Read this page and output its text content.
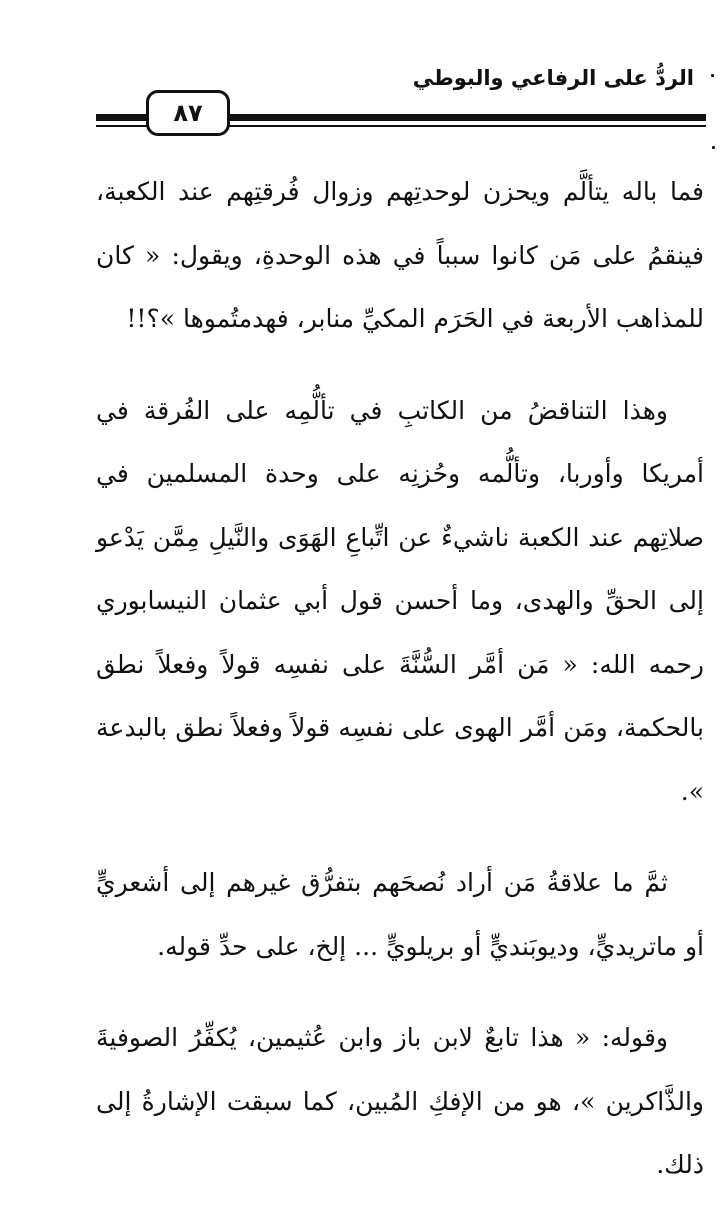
الردُّ على الرفاعي والبوطي
٨٧

فما باله يتألَّم ويحزن لوحدتِهم وزوال فُرقتِهم عند الكعبة، فينقمُ على مَن كانوا سبباً في هذه الوحدةِ، ويقول: « كان للمذاهب الأربعة في الحَرَم المكيِّ منابر، فهدمتُموها »؟!!

وهذا التناقضُ من الكاتبِ في تألُّمِه على الفُرقة في أمريكا وأوربا، وتألُّمه وحُزنِه على وحدة المسلمين في صلاتِهم عند الكعبة ناشيءٌ عن اتِّباعِ الهَوَى والنَّيلِ مِمَّن يَدْعو إلى الحقِّ والهدى، وما أحسن قول أبي عثمان النيسابوري رحمه الله: « مَن أمَّر السُّنَّةَ على نفسِه قولاً وفعلاً نطق بالحكمة، ومَن أمَّر الهوى على نفسِه قولاً وفعلاً نطق بالبدعة ».

ثمَّ ما علاقةُ مَن أراد نُصحَهم بتفرُّق غيرهم إلى أشعريٍّ أو ماتريديٍّ، وديوبَنديٍّ أو بريلويٍّ ... إلخ، على حدِّ قوله.

وقوله: « هذا تابعٌ لابن باز وابن عُثيمين، يُكفِّرُ الصوفيةَ والذَّاكرين »، هو من الإفكِ المُبين، كما سبقت الإشارةُ إلى ذلك.
